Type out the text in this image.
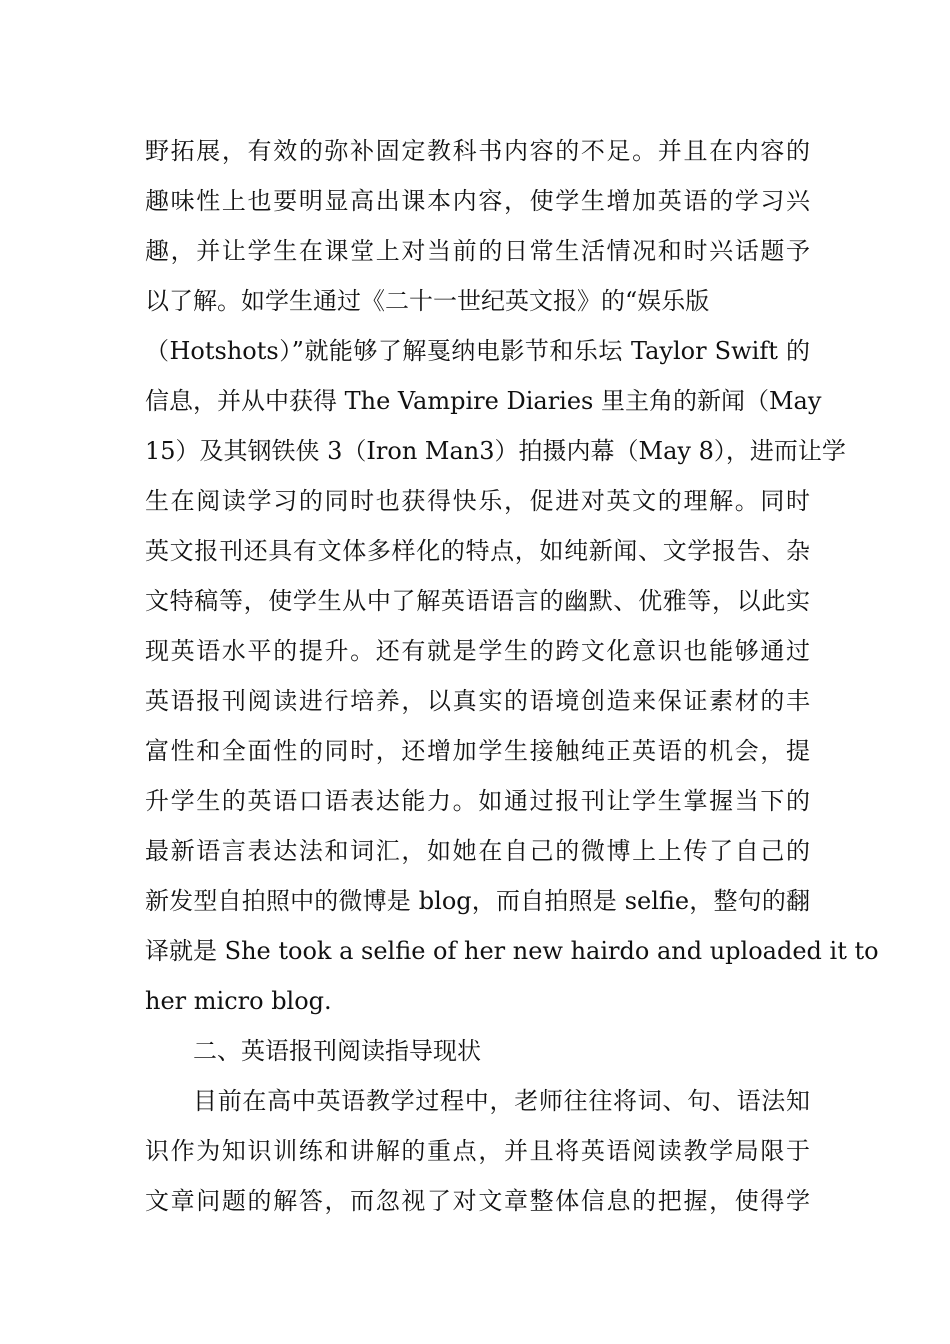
野拓展，有效的弥补固定教科书内容的不足。并且在内容的
趣味性上也要明显高出课本内容，使学生增加英语的学习兴
趣，并让学生在课堂上对当前的日常生活情况和时兴话题予
以了解。如学生通过《二十一世纪英文报》的“娱乐版
（Hotshots）”就能够了解戛纳电影节和乐坛 Taylor Swift 的
信息，并从中获得 The Vampire Diaries 里主角的新闻（May
15）及其钢铁侠 3（Iron Man3）拍摄内幕（May 8），进而让学
生在阅读学习的同时也获得快乐，促进对英文的理解。同时
英文报刊还具有文体多样化的特点，如纯新闻、文学报告、杂
文特稿等，使学生从中了解英语语言的幽默、优雅等，以此实
现英语水平的提升。还有就是学生的跨文化意识也能够通过
英语报刊阅读进行培养，以真实的语境创造来保证素材的丰
富性和全面性的同时，还增加学生接触纯正英语的机会，提
升学生的英语口语表达能力。如通过报刊让学生掌握当下的
最新语言表达法和词汇，如她在自己的微博上上传了自己的
新发型自拍照中的微博是 blog，而自拍照是 selfie，整句的翻
译就是 She took a selfie of her new hairdo and uploaded it to
her micro blog.
二、英语报刊阅读指导现状
目前在高中英语教学过程中，老师往往将词、句、语法知
识作为知识训练和讲解的重点，并且将英语阅读教学局限于
文章问题的解答，而忽视了对文章整体信息的把握，使得学
